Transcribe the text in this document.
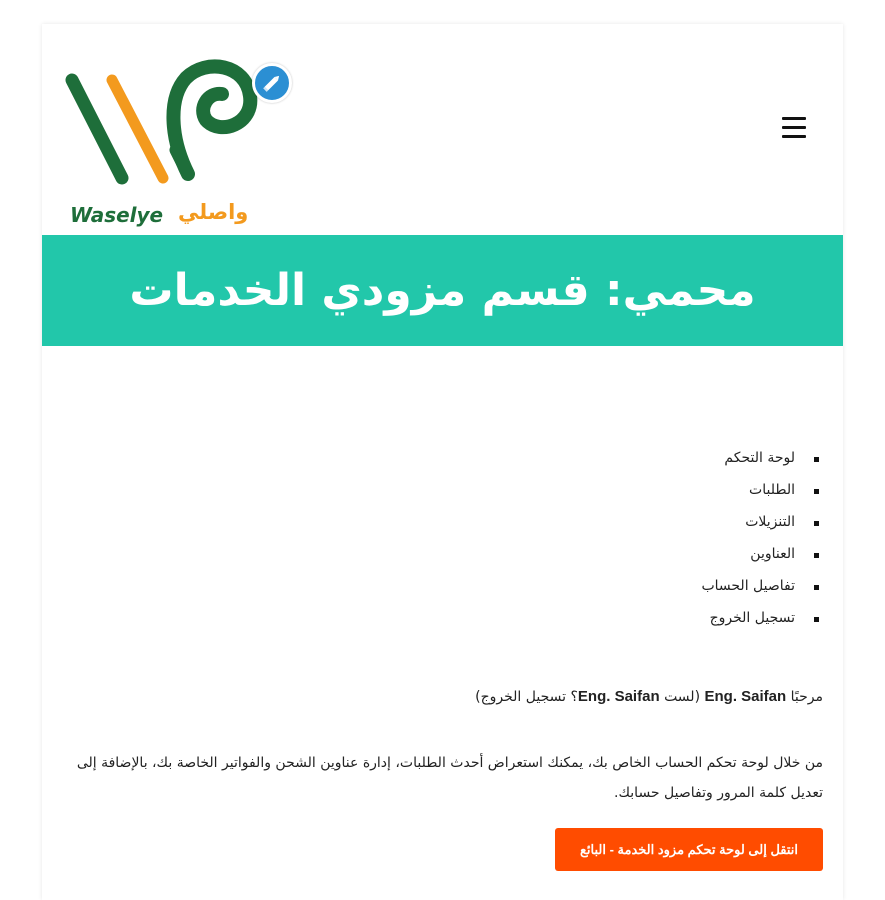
Waselye واصلي
محمي: قسم مزودي الخدمات
لوحة التحكم
الطلبات
التنزيلات
العناوين
تفاصيل الحساب
تسجيل الخروج

مرحبًا Eng. Saifan (لست Eng. Saifan؟ تسجيل الخروج)

من خلال لوحة تحكم الحساب الخاص بك، يمكنك استعراض أحدث الطلبات، إدارة عناوين الشحن والفواتير الخاصة بك، بالإضافة إلى تعديل كلمة المرور وتفاصيل حسابك.

انتقل إلى لوحة تحكم مزود الخدمة - البائع
